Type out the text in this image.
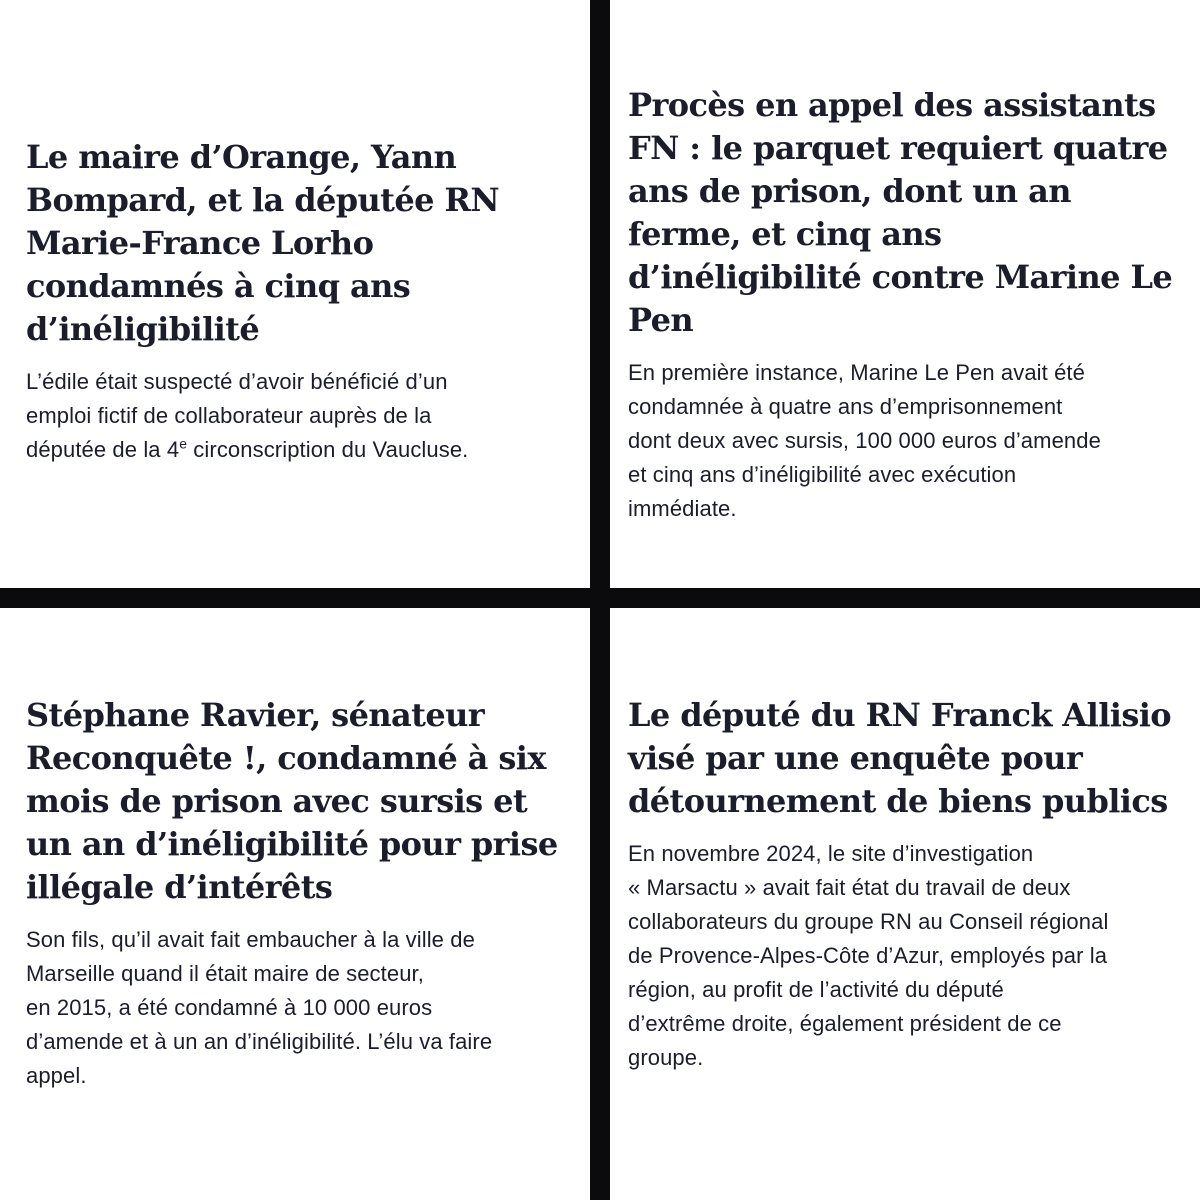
Le maire d’Orange, Yann
Bompard, et la députée RN
Marie-France Lorho
condamnés à cinq ans
d’inéligibilité

L’édile était suspecté d’avoir bénéficié d’un
emploi fictif de collaborateur auprès de la
députée de la 4e circonscription du Vaucluse.

Procès en appel des assistants
FN : le parquet requiert quatre
ans de prison, dont un an
ferme, et cinq ans
d’inéligibilité contre Marine Le
Pen

En première instance, Marine Le Pen avait été
condamnée à quatre ans d’emprisonnement
dont deux avec sursis, 100 000 euros d’amende
et cinq ans d’inéligibilité avec exécution
immédiate.

Stéphane Ravier, sénateur
Reconquête !, condamné à six
mois de prison avec sursis et
un an d’inéligibilité pour prise
illégale d’intérêts

Son fils, qu’il avait fait embaucher à la ville de
Marseille quand il était maire de secteur,
en 2015, a été condamné à 10 000 euros
d’amende et à un an d’inéligibilité. L’élu va faire
appel.

Le député du RN Franck Allisio
visé par une enquête pour
détournement de biens publics

En novembre 2024, le site d’investigation
« Marsactu » avait fait état du travail de deux
collaborateurs du groupe RN au Conseil régional
de Provence-Alpes-Côte d’Azur, employés par la
région, au profit de l’activité du député
d’extrême droite, également président de ce
groupe.
